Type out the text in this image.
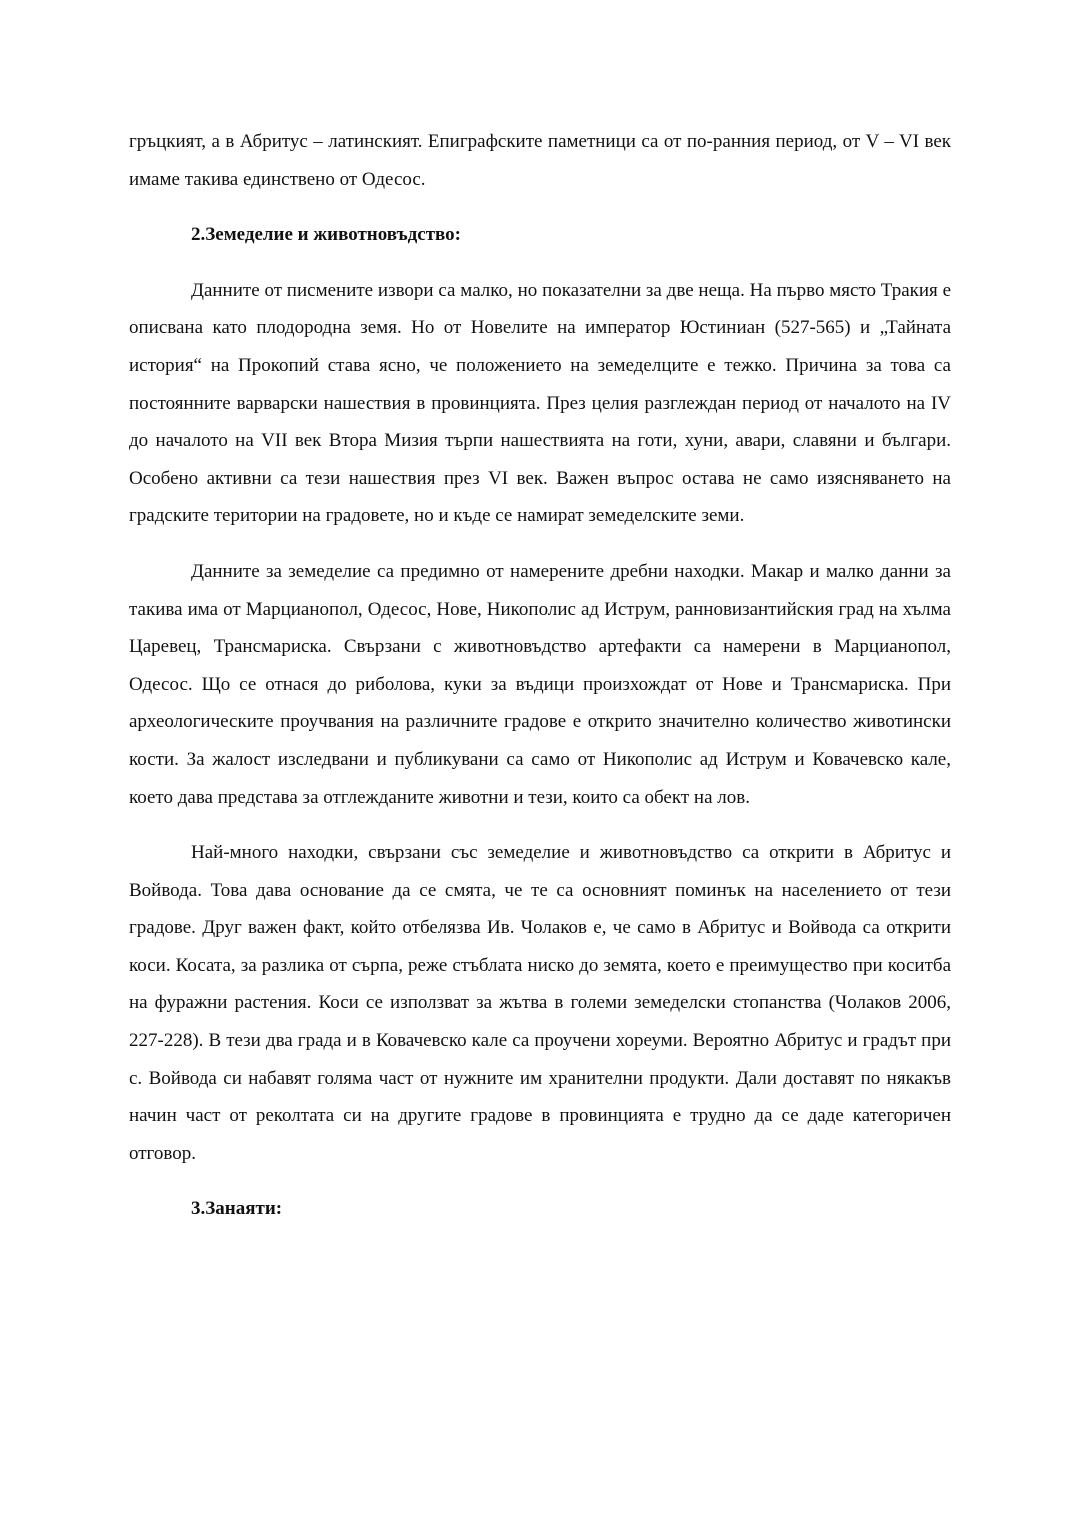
гръцкият, а в Абритус – латинският. Епиграфските паметници са от по-ранния период, от V – VI век имаме такива единствено от Одесос.

2.Земеделие и животновъдство:

Данните от писмените извори са малко, но показателни за две неща. На първо място Тракия е описвана като плодородна земя. Но от Новелите на император Юстиниан (527-565) и „Тайната история“ на Прокопий става ясно, че положението на земеделците е тежко. Причина за това са постоянните варварски нашествия в провинцията. През целия разглеждан период от началото на IV до началото на VII век Втора Мизия търпи нашествията на готи, хуни, авари, славяни и българи. Особено активни са тези нашествия през VI век. Важен въпрос остава не само изясняването на градските територии на градовете, но и къде се намират земеделските земи.

Данните за земеделие са предимно от намерените дребни находки. Макар и малко данни за такива има от Марцианопол, Одесос, Нове, Никополис ад Иструм, ранновизантийския град на хълма Царевец, Трансмариска. Свързани с животновъдство артефакти са намерени в Марцианопол, Одесос. Що се отнася до риболова, куки за въдици произхождат от Нове и Трансмариска. При археологическите проучвания на различните градове е открито значително количество животински кости. За жалост изследвани и публикувани са само от Никополис ад Иструм и Ковачевско кале, което дава представа за отглежданите животни и тези, които са обект на лов.

Най-много находки, свързани със земеделие и животновъдство са открити в Абритус и Войвода. Това дава основание да се смята, че те са основният поминък на населението от тези градове. Друг важен факт, който отбелязва Ив. Чолаков е, че само в Абритус и Войвода са открити коси. Косата, за разлика от сърпа, реже стъблата ниско до земята, което е преимущество при коситба на фуражни растения. Коси се използват за жътва в големи земеделски стопанства (Чолаков 2006, 227-228). В тези два града и в Ковачевско кале са проучени хореуми. Вероятно Абритус и градът при с. Войвода си набавят голяма част от нужните им хранителни продукти. Дали доставят по някакъв начин част от реколтата си на другите градове в провинцията е трудно да се даде категоричен отговор.

3.Занаяти:
